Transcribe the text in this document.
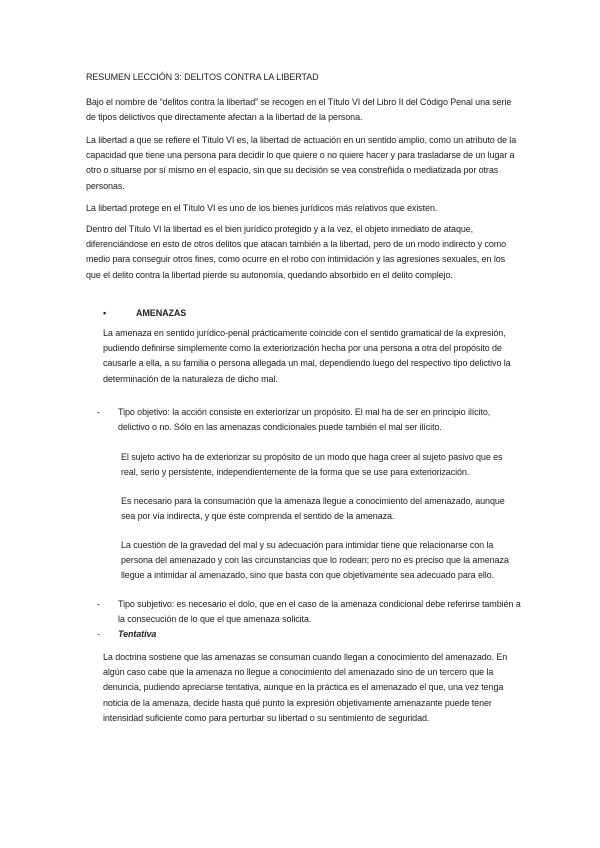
RESUMEN LECCIÓN 3: DELITOS CONTRA LA LIBERTAD

Bajo el nombre de “delitos contra la libertad” se recogen en el Título VI del Libro II del Código Penal una serie de tipos delictivos que directamente afectan a la libertad de la persona.

La libertad a que se refiere el Título VI es, la libertad de actuación en un sentido amplio, como un atributo de la capacidad que tiene una persona para decidir lo que quiere o no quiere hacer y para trasladarse de un lugar a otro o situarse por sí mismo en el espacio, sin que su decisión se vea constreñida o mediatizada por otras personas.

La libertad protege en el Título VI es uno de los bienes jurídicos más relativos que existen.

Dentro del Título VI la libertad es el bien jurídico protegido y a la vez, el objeto inmediato de ataque, diferenciándose en esto de otros delitos que atacan también a la libertad, pero de un modo indirecto y como medio para conseguir otros fines, como ocurre en el robo con intimidación y las agresiones sexuales, en los que el delito contra la libertad pierde su autonomía, quedando absorbido en el delito complejo.

•	AMENAZAS

La amenaza en sentido jurídico-penal prácticamente coincide con el sentido gramatical de la expresión, pudiendo definirse simplemente como la exteriorización hecha por una persona a otra del propósito de causarle a ella, a su familia o persona allegada un mal, dependiendo luego del respectivo tipo delictivo la determinación de la naturaleza de dicho mal.

- Tipo objetivo: la acción consiste en exteriorizar un propósito. El mal ha de ser en principio ilícito, delictivo o no. Sólo en las amenazas condicionales puede también el mal ser ilícito.

El sujeto activo ha de exteriorizar su propósito de un modo que haga creer al sujeto pasivo que es real, serio y persistente, independientemente de la forma que se use para exteriorización.

Es necesario para la consumación que la amenaza llegue a conocimiento del amenazado, aunque sea por vía indirecta, y que éste comprenda el sentido de la amenaza.

La cuestión de la gravedad del mal y su adecuación para intimidar tiene que relacionarse con la persona del amenazado y con las circunstancias que lo rodean; pero no es preciso que la amenaza llegue a intimidar al amenazado, sino que basta con que objetivamente sea adecuado para ello.

- Tipo subjetivo: es necesario el dolo, que en el caso de la amenaza condicional debe referirse también a la consecución de lo que el que amenaza solicita.
- Tentativa

La doctrina sostiene que las amenazas se consuman cuando llegan a conocimiento del amenazado. En algún caso cabe que la amenaza no llegue a conocimiento del amenazado sino de un tercero que la denuncia, pudiendo apreciarse tentativa, aunque en la práctica es el amenazado el que, una vez tenga noticia de la amenaza, decide hasta qué punto la expresión objetivamente amenazante puede tener intensidad suficiente como para perturbar su libertad o su sentimiento de seguridad.
